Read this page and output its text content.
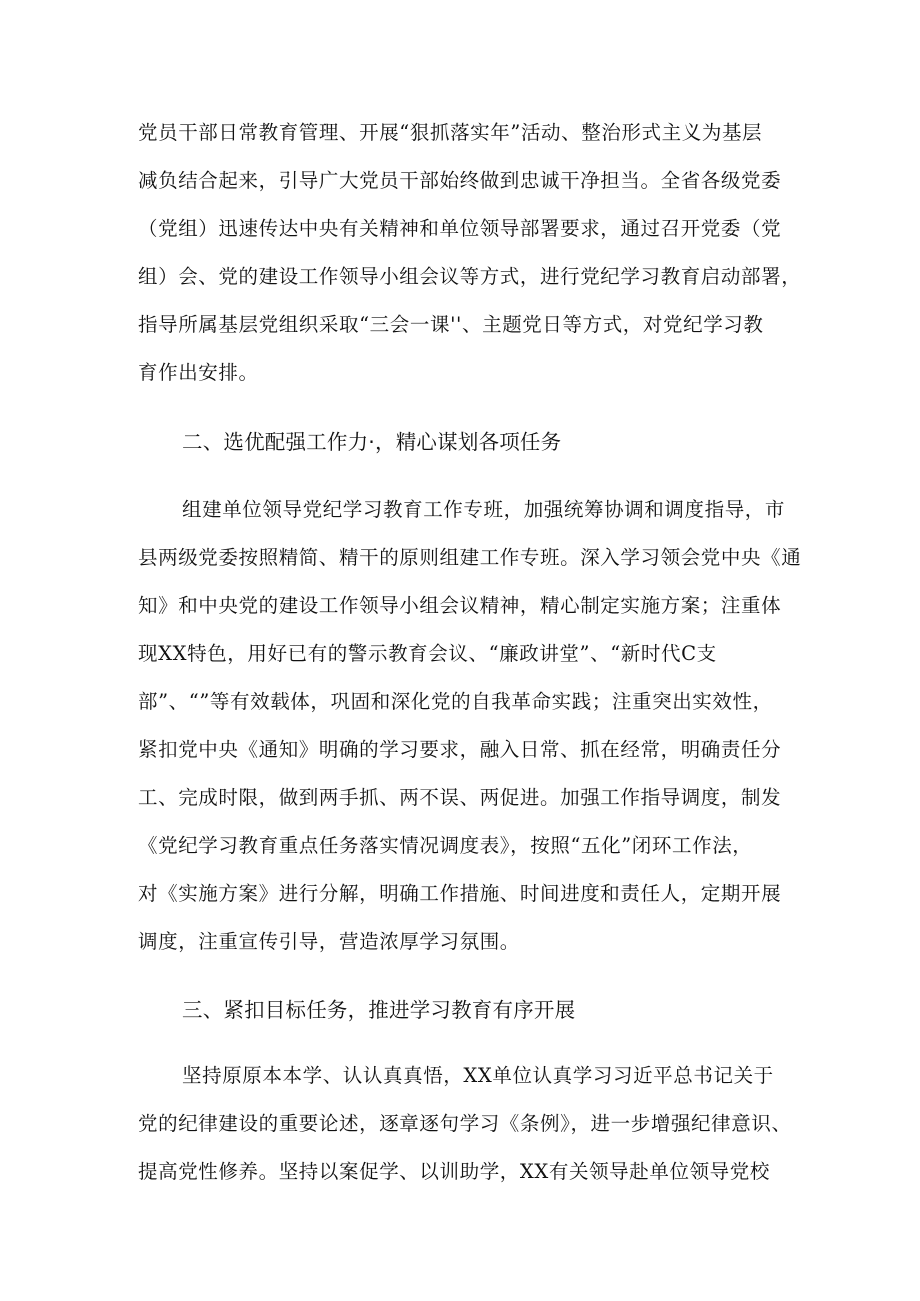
党员干部日常教育管理、开展“狠抓落实年”活动、整治形式主义为基层
减负结合起来，引导广大党员干部始终做到忠诚干净担当。全省各级党委
（党组）迅速传达中央有关精神和单位领导部署要求，通过召开党委（党
组）会、党的建设工作领导小组会议等方式，进行党纪学习教育启动部署，
指导所属基层党组织采取“三会一课''、主题党日等方式，对党纪学习教
育作出安排。
二、选优配强工作力·，精心谋划各项任务
组建单位领导党纪学习教育工作专班，加强统筹协调和调度指导，市
县两级党委按照精简、精干的原则组建工作专班。深入学习领会党中央《通
知》和中央党的建设工作领导小组会议精神，精心制定实施方案；注重体
现XX特色，用好已有的警示教育会议、“廉政讲堂”、“新时代C支
部”、“”等有效载体，巩固和深化党的自我革命实践；注重突出实效性，
紧扣党中央《通知》明确的学习要求，融入日常、抓在经常，明确责任分
工、完成时限，做到两手抓、两不误、两促进。加强工作指导调度，制发
《党纪学习教育重点任务落实情况调度表》，按照“五化”闭环工作法，
对《实施方案》进行分解，明确工作措施、时间进度和责任人，定期开展
调度，注重宣传引导，营造浓厚学习氛围。
三、紧扣目标任务，推进学习教育有序开展
坚持原原本本学、认认真真悟，XX单位认真学习习近平总书记关于
党的纪律建设的重要论述，逐章逐句学习《条例》，进一步增强纪律意识、
提高党性修养。坚持以案促学、以训助学，XX有关领导赴单位领导党校
